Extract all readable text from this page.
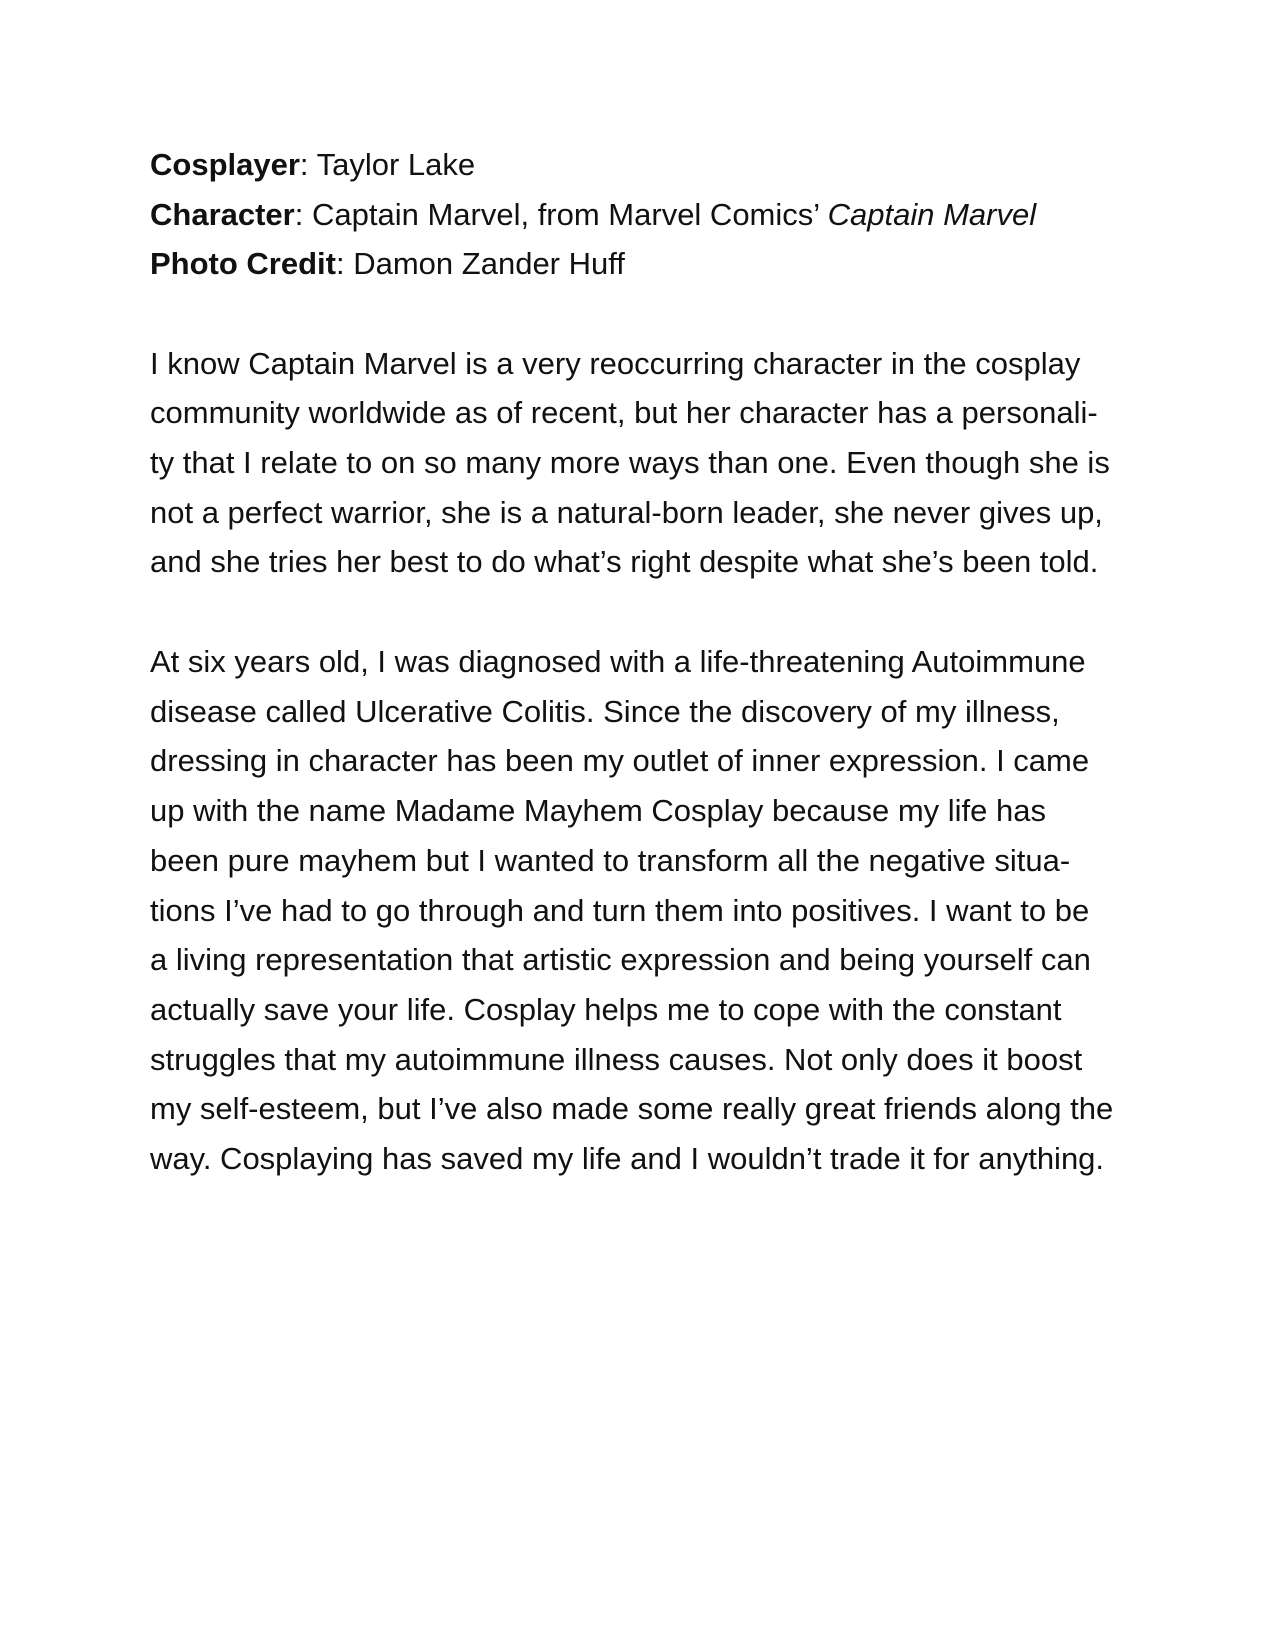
Cosplayer: Taylor Lake
Character: Captain Marvel, from Marvel Comics’ Captain Marvel
Photo Credit: Damon Zander Huff

I know Captain Marvel is a very reoccurring character in the cosplay
community worldwide as of recent, but her character has a personali-
ty that I relate to on so many more ways than one. Even though she is
not a perfect warrior, she is a natural-born leader, she never gives up,
and she tries her best to do what’s right despite what she’s been told.

At six years old, I was diagnosed with a life-threatening Autoimmune
disease called Ulcerative Colitis. Since the discovery of my illness,
dressing in character has been my outlet of inner expression. I came
up with the name Madame Mayhem Cosplay because my life has
been pure mayhem but I wanted to transform all the negative situa-
tions I’ve had to go through and turn them into positives. I want to be
a living representation that artistic expression and being yourself can
actually save your life. Cosplay helps me to cope with the constant
struggles that my autoimmune illness causes. Not only does it boost
my self-esteem, but I’ve also made some really great friends along the
way. Cosplaying has saved my life and I wouldn’t trade it for anything.
